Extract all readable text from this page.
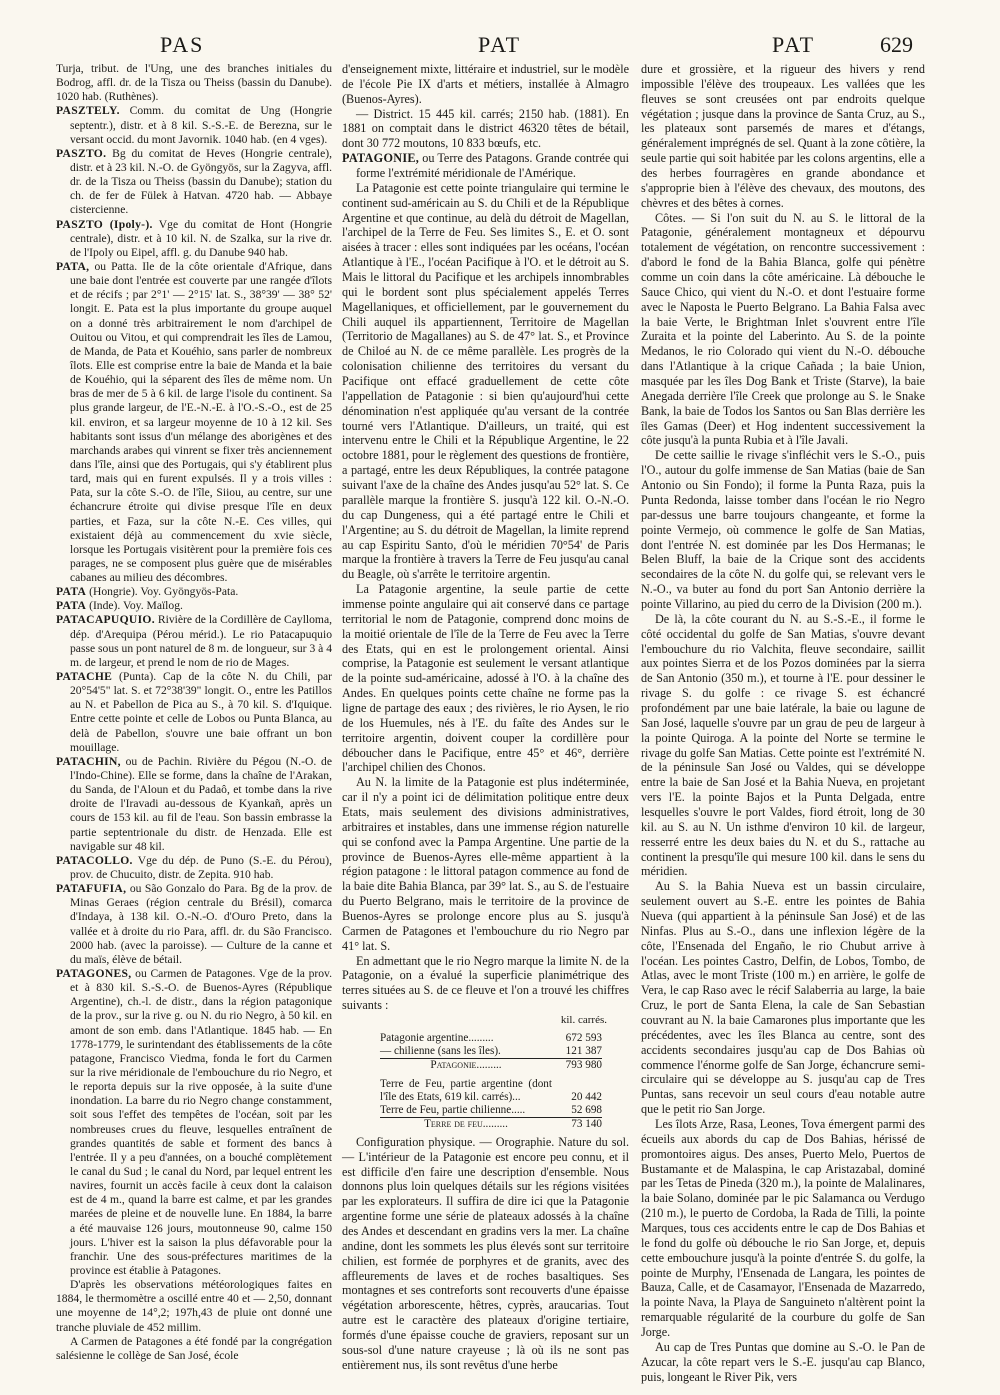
PAS	PAT	PAT	629

Turja, tribut. de l'Ung, une des branches initiales du Bodrog, affl. dr. de la Tisza ou Theiss (bassin du Danube). 1020 hab. (Ruthènes).

PASZTELY. Comm. du comitat de Ung (Hongrie septentr.), distr. et à 8 kil. S.-S.-E. de Berezna, sur le versant occid. du mont Javornik. 1040 hab. (en 4 vges).

PASZTO. Bg du comitat de Heves (Hongrie centrale), distr. et à 23 kil. N.-O. de Gyöngyös, sur la Zagyva, affl. dr. de la Tisza ou Theiss (bassin du Danube); station du ch. de fer de Fülek à Hatvan. 4720 hab. — Abbaye cistercienne.

PASZTO (Ipoly-). Vge du comitat de Hont (Hongrie centrale), distr. et à 10 kil. N. de Szalka, sur la rive dr. de l'Ipoly ou Eipel, affl. g. du Danube 940 hab.

PATA, ou Patta. Ile de la côte orientale d'Afrique, dans une baie dont l'entrée est couverte par une rangée d'îlots et de récifs ; par 2°1' — 2°15' lat. S., 38°39' — 38° 52' longit. E. Pata est la plus importante du groupe auquel on a donné très arbitrairement le nom d'archipel de Ouitou ou Vitou, et qui comprendrait les îles de Lamou, de Manda, de Pata et Kouéhio, sans parler de nombreux îlots. Elle est comprise entre la baie de Manda et la baie de Kouéhio, qui la séparent des îles de même nom. Un bras de mer de 5 à 6 kil. de large l'isole du continent. Sa plus grande largeur, de l'E.-N.-E. à l'O.-S.-O., est de 25 kil. environ, et sa largeur moyenne de 10 à 12 kil. Ses habitants sont issus d'un mélange des aborigènes et des marchands arabes qui vinrent se fixer très anciennement dans l'île, ainsi que des Portugais, qui s'y établirent plus tard, mais qui en furent expulsés. Il y a trois villes : Pata, sur la côte S.-O. de l'île, Siiou, au centre, sur une échancrure étroite qui divise presque l'île en deux parties, et Faza, sur la côte N.-E. Ces villes, qui existaient déjà au commencement du xvie siècle, lorsque les Portugais visitèrent pour la première fois ces parages, ne se composent plus guère que de misérables cabanes au milieu des décombres.

PATA (Hongrie). Voy. Gyöngyös-Pata.

PATA (Inde). Voy. Maïlog.

PATACAPUQUIO. Rivière de la Cordillère de Caylloma, dép. d'Arequipa (Pérou mérid.). Le rio Patacapuquio passe sous un pont naturel de 8 m. de longueur, sur 3 à 4 m. de largeur, et prend le nom de rio de Mages.

PATACHE (Punta). Cap de la côte N. du Chili, par 20°54'5" lat. S. et 72°38'39" longit. O., entre les Patillos au N. et Pabellon de Pica au S., à 70 kil. S. d'Iquique. Entre cette pointe et celle de Lobos ou Punta Blanca, au delà de Pabellon, s'ouvre une baie offrant un bon mouillage.

PATACHIN, ou de Pachin. Rivière du Pégou (N.-O. de l'Indo-Chine). Elle se forme, dans la chaîne de l'Arakan, du Sanda, de l'Aloun et du Padaô, et tombe dans la rive droite de l'Iravadi au-dessous de Kyankañ, après un cours de 153 kil. au fil de l'eau. Son bassin embrasse la partie septentrionale du distr. de Henzada. Elle est navigable sur 48 kil.

PATACOLLO. Vge du dép. de Puno (S.-E. du Pérou), prov. de Chucuito, distr. de Zepita. 910 hab.

PATAFUFIA, ou São Gonzalo do Para. Bg de la prov. de Minas Geraes (région centrale du Brésil), comarca d'Indaya, à 138 kil. O.-N.-O. d'Ouro Preto, dans la vallée et à droite du rio Para, affl. dr. du São Francisco. 2000 hab. (avec la paroisse). — Culture de la canne et du maïs, élève de bétail.

PATAGONES, ou Carmen de Patagones. Vge de la prov. et à 830 kil. S.-S.-O. de Buenos-Ayres (République Argentine), ch.-l. de distr., dans la région patagonique de la prov., sur la rive g. ou N. du rio Negro, à 50 kil. en amont de son emb. dans l'Atlantique. 1845 hab. — En 1778-1779, le surintendant des établissements de la côte patagone, Francisco Viedma, fonda le fort du Carmen sur la rive méridionale de l'embouchure du rio Negro, et le reporta depuis sur la rive opposée, à la suite d'une inondation. La barre du rio Negro change constamment, soit sous l'effet des tempêtes de l'océan, soit par les nombreuses crues du fleuve, lesquelles entraînent de grandes quantités de sable et forment des bancs à l'entrée. Il y a peu d'années, on a bouché complètement le canal du Sud ; le canal du Nord, par lequel entrent les navires, fournit un accès facile à ceux dont la calaison est de 4 m., quand la barre est calme, et par les grandes marées de pleine et de nouvelle lune. En 1884, la barre a été mauvaise 126 jours, moutonneuse 90, calme 150 jours. L'hiver est la saison la plus défavorable pour la franchir. Une des sous-préfectures maritimes de la province est établie à Patagones.

D'après les observations météorologiques faites en 1884, le thermomètre a oscillé entre 40 et — 2,50, donnant une moyenne de 14°,2; 197h,43 de pluie ont donné une tranche pluviale de 452 millim.

A Carmen de Patagones a été fondé par la congrégation salésienne le collège de San José, école

d'enseignement mixte, littéraire et industriel, sur le modèle de l'école Pie IX d'arts et métiers, installée à Almagro (Buenos-Ayres).

— District. 15 445 kil. carrés; 2150 hab. (1881). En 1881 on comptait dans le district 46320 têtes de bétail, dont 30 772 moutons, 10 833 bœufs, etc.

PATAGONIE, ou Terre des Patagons. Grande contrée qui forme l'extrémité méridionale de l'Amérique.

La Patagonie est cette pointe triangulaire qui termine le continent sud-américain au S. du Chili et de la République Argentine et que continue, au delà du détroit de Magellan, l'archipel de la Terre de Feu. Ses limites S., E. et O. sont aisées à tracer : elles sont indiquées par les océans, l'océan Atlantique à l'E., l'océan Pacifique à l'O. et le détroit au S. Mais le littoral du Pacifique et les archipels innombrables qui le bordent sont plus spécialement appelés Terres Magellaniques, et officiellement, par le gouvernement du Chili auquel ils appartiennent, Territoire de Magellan (Territorio de Magallanes) au S. de 47° lat. S., et Province de Chiloé au N. de ce même parallèle. Les progrès de la colonisation chilienne des territoires du versant du Pacifique ont effacé graduellement de cette côte l'appellation de Patagonie : si bien qu'aujourd'hui cette dénomination n'est appliquée qu'au versant de la contrée tourné vers l'Atlantique. D'ailleurs, un traité, qui est intervenu entre le Chili et la République Argentine, le 22 octobre 1881, pour le règlement des questions de frontière, a partagé, entre les deux Républiques, la contrée patagone suivant l'axe de la chaîne des Andes jusqu'au 52° lat. S. Ce parallèle marque la frontière S. jusqu'à 122 kil. O.-N.-O. du cap Dungeness, qui a été partagé entre le Chili et l'Argentine; au S. du détroit de Magellan, la limite reprend au cap Espiritu Santo, d'où le méridien 70°54' de Paris marque la frontière à travers la Terre de Feu jusqu'au canal du Beagle, où s'arrête le territoire argentin.

La Patagonie argentine, la seule partie de cette immense pointe angulaire qui ait conservé dans ce partage territorial le nom de Patagonie, comprend donc moins de la moitié orientale de l'île de la Terre de Feu avec la Terre des Etats, qui en est le prolongement oriental. Ainsi comprise, la Patagonie est seulement le versant atlantique de la pointe sud-américaine, adossé à l'O. à la chaîne des Andes. En quelques points cette chaîne ne forme pas la ligne de partage des eaux ; des rivières, le rio Aysen, le rio de los Huemules, nés à l'E. du faîte des Andes sur le territoire argentin, doivent couper la cordillère pour déboucher dans le Pacifique, entre 45° et 46°, derrière l'archipel chilien des Chonos.

Au N. la limite de la Patagonie est plus indéterminée, car il n'y a point ici de délimitation politique entre deux Etats, mais seulement des divisions administratives, arbitraires et instables, dans une immense région naturelle qui se confond avec la Pampa Argentine. Une partie de la province de Buenos-Ayres elle-même appartient à la région patagone : le littoral patagon commence au fond de la baie dite Bahia Blanca, par 39° lat. S., au S. de l'estuaire du Puerto Belgrano, mais le territoire de la province de Buenos-Ayres se prolonge encore plus au S. jusqu'à Carmen de Patagones et l'embouchure du rio Negro par 41° lat. S.

En admettant que le rio Negro marque la limite N. de la Patagonie, on a évalué la superficie planimétrique des terres situées au S. de ce fleuve et l'on a trouvé les chiffres suivants :

kil. carrés.
Patagonie argentine.........	672 593
— chilienne (sans les îles).	121 387
Patagonie.........	793 980
Terre de Feu, partie argentine (dont l'île des Etats, 619 kil. carrés)...	20 442
Terre de Feu, partie chilienne.....	52 698
Terre de feu.........	73 140

Configuration physique. — Orographie. Nature du sol. — L'intérieur de la Patagonie est encore peu connu, et il est difficile d'en faire une description d'ensemble. Nous donnons plus loin quelques détails sur les régions visitées par les explorateurs. Il suffira de dire ici que la Patagonie argentine forme une série de plateaux adossés à la chaîne des Andes et descendant en gradins vers la mer. La chaîne andine, dont les sommets les plus élevés sont sur territoire chilien, est formée de porphyres et de granits, avec des affleurements de laves et de roches basaltiques. Ses montagnes et ses contreforts sont recouverts d'une épaisse végétation arborescente, hêtres, cyprès, araucarias. Tout autre est le caractère des plateaux d'origine tertiaire, formés d'une épaisse couche de graviers, reposant sur un sous-sol d'une nature crayeuse ; là où ils ne sont pas entièrement nus, ils sont revêtus d'une herbe

dure et grossière, et la rigueur des hivers y rend impossible l'élève des troupeaux. Les vallées que les fleuves se sont creusées ont par endroits quelque végétation ; jusque dans la province de Santa Cruz, au S., les plateaux sont parsemés de mares et d'étangs, généralement imprégnés de sel. Quant à la zone côtière, la seule partie qui soit habitée par les colons argentins, elle a des herbes fourragères en grande abondance et s'approprie bien à l'élève des chevaux, des moutons, des chèvres et des bêtes à cornes.

Côtes. — Si l'on suit du N. au S. le littoral de la Patagonie, généralement montagneux et dépourvu totalement de végétation, on rencontre successivement : d'abord le fond de la Bahia Blanca, golfe qui pénètre comme un coin dans la côte américaine. Là débouche le Sauce Chico, qui vient du N.-O. et dont l'estuaire forme avec le Naposta le Puerto Belgrano. La Bahia Falsa avec la baie Verte, le Brightman Inlet s'ouvrent entre l'île Zuraita et la pointe del Laberinto. Au S. de la pointe Medanos, le rio Colorado qui vient du N.-O. débouche dans l'Atlantique à la crique Cañada ; la baie Union, masquée par les îles Dog Bank et Triste (Starve), la baie Anegada derrière l'île Creek que prolonge au S. le Snake Bank, la baie de Todos los Santos ou San Blas derrière les îles Gamas (Deer) et Hog indentent successivement la côte jusqu'à la punta Rubia et à l'île Javali.

De cette saillie le rivage s'infléchit vers le S.-O., puis l'O., autour du golfe immense de San Matias (baie de San Antonio ou Sin Fondo); il forme la Punta Raza, puis la Punta Redonda, laisse tomber dans l'océan le rio Negro par-dessus une barre toujours changeante, et forme la pointe Vermejo, où commence le golfe de San Matias, dont l'entrée N. est dominée par les Dos Hermanas; le Belen Bluff, la baie de la Crique sont des accidents secondaires de la côte N. du golfe qui, se relevant vers le N.-O., va buter au fond du port San Antonio derrière la pointe Villarino, au pied du cerro de la Division (200 m.).

De là, la côte courant du N. au S.-S.-E., il forme le côté occidental du golfe de San Matias, s'ouvre devant l'embouchure du rio Valchita, fleuve secondaire, saillit aux pointes Sierra et de los Pozos dominées par la sierra de San Antonio (350 m.), et tourne à l'E. pour dessiner le rivage S. du golfe : ce rivage S. est échancré profondément par une baie latérale, la baie ou lagune de San José, laquelle s'ouvre par un grau de peu de largeur à la pointe Quiroga. A la pointe del Norte se termine le rivage du golfe San Matias. Cette pointe est l'extrémité N. de la péninsule San José ou Valdes, qui se développe entre la baie de San José et la Bahia Nueva, en projetant vers l'E. la pointe Bajos et la Punta Delgada, entre lesquelles s'ouvre le port Valdes, fiord étroit, long de 30 kil. au S. au N. Un isthme d'environ 10 kil. de largeur, resserré entre les deux baies du N. et du S., rattache au continent la presqu'île qui mesure 100 kil. dans le sens du méridien.

Au S. la Bahia Nueva est un bassin circulaire, seulement ouvert au S.-E. entre les pointes de Bahia Nueva (qui appartient à la péninsule San José) et de las Ninfas. Plus au S.-O., dans une inflexion légère de la côte, l'Ensenada del Engaño, le rio Chubut arrive à l'océan. Les pointes Castro, Delfin, de Lobos, Tombo, de Atlas, avec le mont Triste (100 m.) en arrière, le golfe de Vera, le cap Raso avec le récif Salaberria au large, la baie Cruz, le port de Santa Elena, la cale de San Sebastian couvrant au N. la baie Camarones plus importante que les précédentes, avec les îles Blanca au centre, sont des accidents secondaires jusqu'au cap de Dos Bahias où commence l'énorme golfe de San Jorge, échancrure semi-circulaire qui se développe au S. jusqu'au cap de Tres Puntas, sans recevoir un seul cours d'eau notable autre que le petit rio San Jorge.

Les îlots Arze, Rasa, Leones, Tova émergent parmi des écueils aux abords du cap de Dos Bahias, hérissé de promontoires aigus. Des anses, Puerto Melo, Puertos de Bustamante et de Malaspina, le cap Aristazabal, dominé par les Tetas de Pineda (320 m.), la pointe de Malalinares, la baie Solano, dominée par le pic Salamanca ou Verdugo (210 m.), le puerto de Cordoba, la Rada de Tilli, la pointe Marques, tous ces accidents entre le cap de Dos Bahias et le fond du golfe où débouche le rio San Jorge, et, depuis cette embouchure jusqu'à la pointe d'entrée S. du golfe, la pointe de Murphy, l'Ensenada de Langara, les pointes de Bauza, Calle, et de Casamayor, l'Ensenada de Mazarredo, la pointe Nava, la Playa de Sanguineto n'altèrent point la remarquable régularité de la courbure du golfe de San Jorge.

Au cap de Tres Puntas que domine au S.-O. le Pan de Azucar, la côte repart vers le S.-E. jusqu'au cap Blanco, puis, longeant le River Pik, vers
